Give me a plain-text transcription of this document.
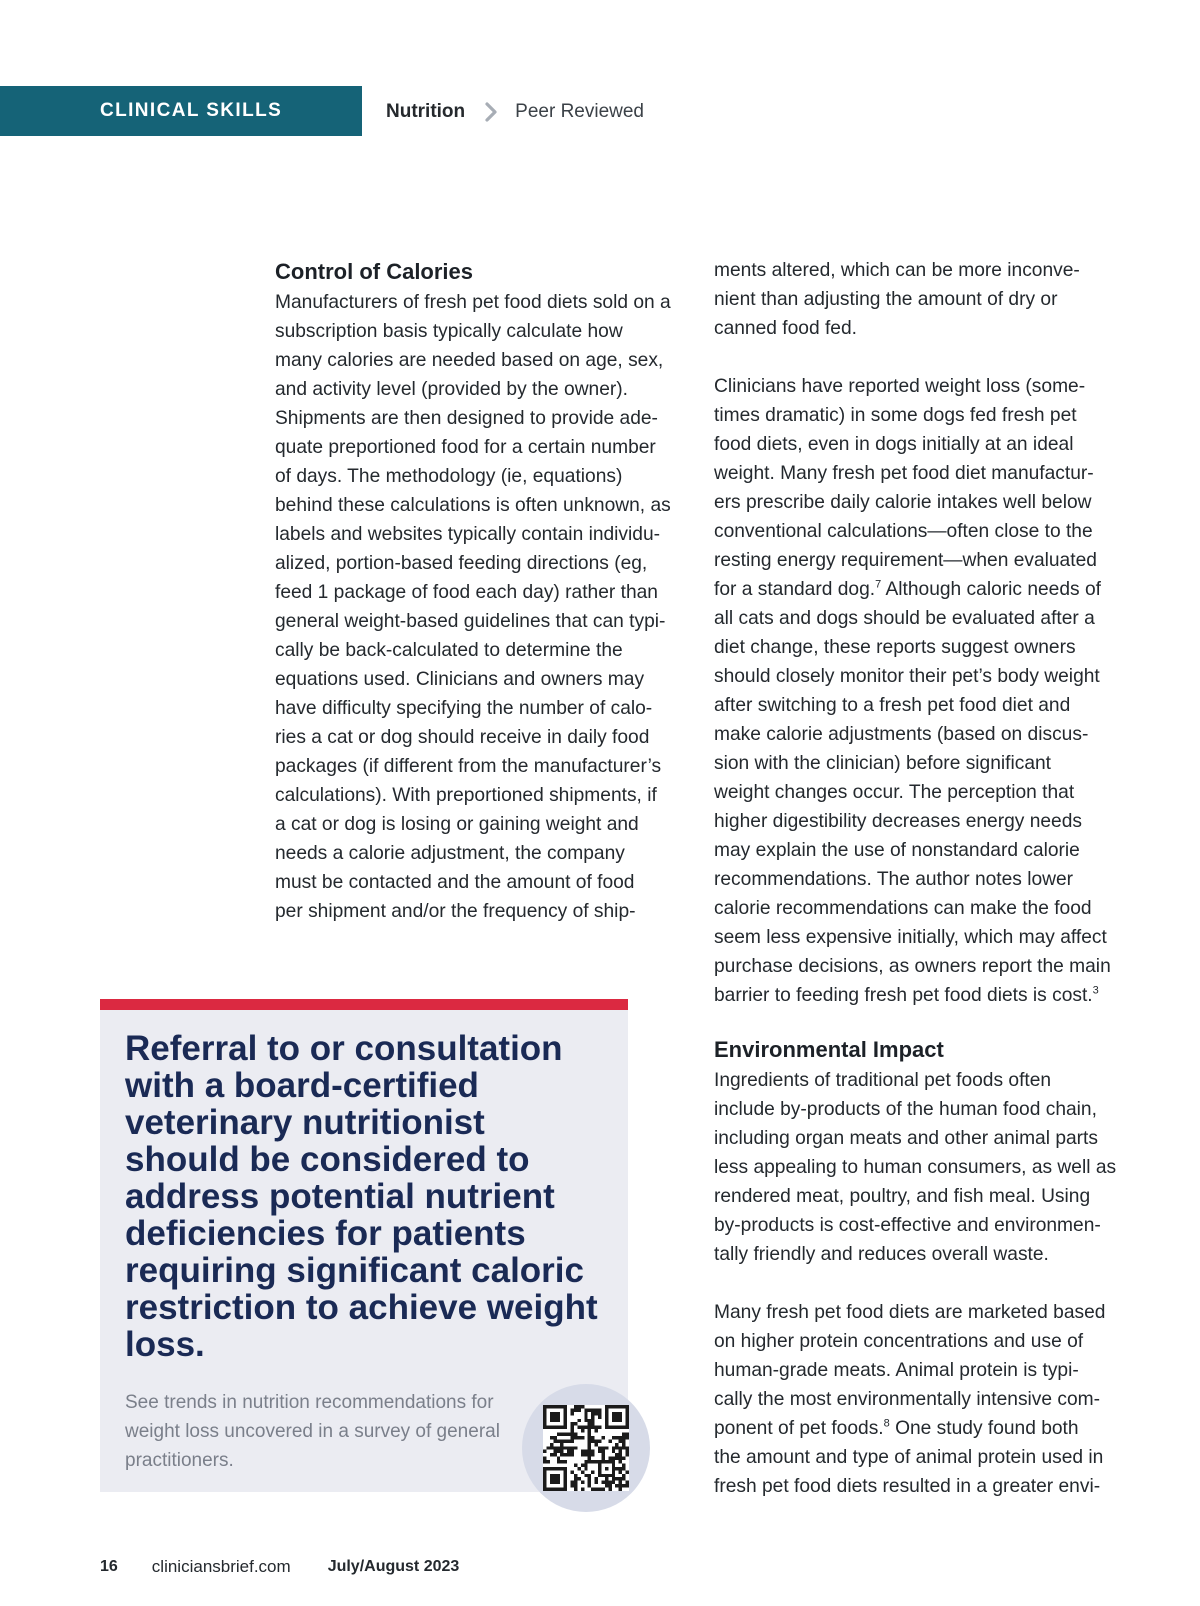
CLINICAL SKILLS	Nutrition	Peer Reviewed
Control of Calories
Manufacturers of fresh pet food diets sold on a
subscription basis typically calculate how
many calories are needed based on age, sex,
and activity level (provided by the owner).
Shipments are then designed to provide ade-
quate preportioned food for a certain number
of days. The methodology (ie, equations)
behind these calculations is often unknown, as
labels and websites typically contain individu-
alized, portion-based feeding directions (eg,
feed 1 package of food each day) rather than
general weight-based guidelines that can typi-
cally be back-calculated to determine the
equations used. Clinicians and owners may
have difficulty specifying the number of calo-
ries a cat or dog should receive in daily food
packages (if different from the manufacturer’s
calculations). With preportioned shipments, if
a cat or dog is losing or gaining weight and
needs a calorie adjustment, the company
must be contacted and the amount of food
per shipment and/or the frequency of ship-
ments altered, which can be more inconve-
nient than adjusting the amount of dry or
canned food fed.
Clinicians have reported weight loss (some-
times dramatic) in some dogs fed fresh pet
food diets, even in dogs initially at an ideal
weight. Many fresh pet food diet manufactur-
ers prescribe daily calorie intakes well below
conventional calculations—often close to the
resting energy requirement—when evaluated
for a standard dog.$^7$ Although caloric needs of
all cats and dogs should be evaluated after a
diet change, these reports suggest owners
should closely monitor their pet’s body weight
after switching to a fresh pet food diet and
make calorie adjustments (based on discus-
sion with the clinician) before significant
weight changes occur. The perception that
higher digestibility decreases energy needs
may explain the use of nonstandard calorie
recommendations. The author notes lower
calorie recommendations can make the food
seem less expensive initially, which may affect
purchase decisions, as owners report the main
barrier to feeding fresh pet food diets is cost.$^3$
Environmental Impact
Ingredients of traditional pet foods often
include by-products of the human food chain,
including organ meats and other animal parts
less appealing to human consumers, as well as
rendered meat, poultry, and fish meal. Using
by-products is cost-effective and environmen-
tally friendly and reduces overall waste.
Many fresh pet food diets are marketed based
on higher protein concentrations and use of
human-grade meats. Animal protein is typi-
cally the most environmentally intensive com-
ponent of pet foods.$^8$ One study found both
the amount and type of animal protein used in
fresh pet food diets resulted in a greater envi-
Referral to or consultation
with a board-certified
veterinary nutritionist
should be considered to
address potential nutrient
deficiencies for patients
requiring significant caloric
restriction to achieve weight
loss.
See trends in nutrition recommendations for
weight loss uncovered in a survey of general
practitioners.
16 cliniciansbrief.com July/August 2023
